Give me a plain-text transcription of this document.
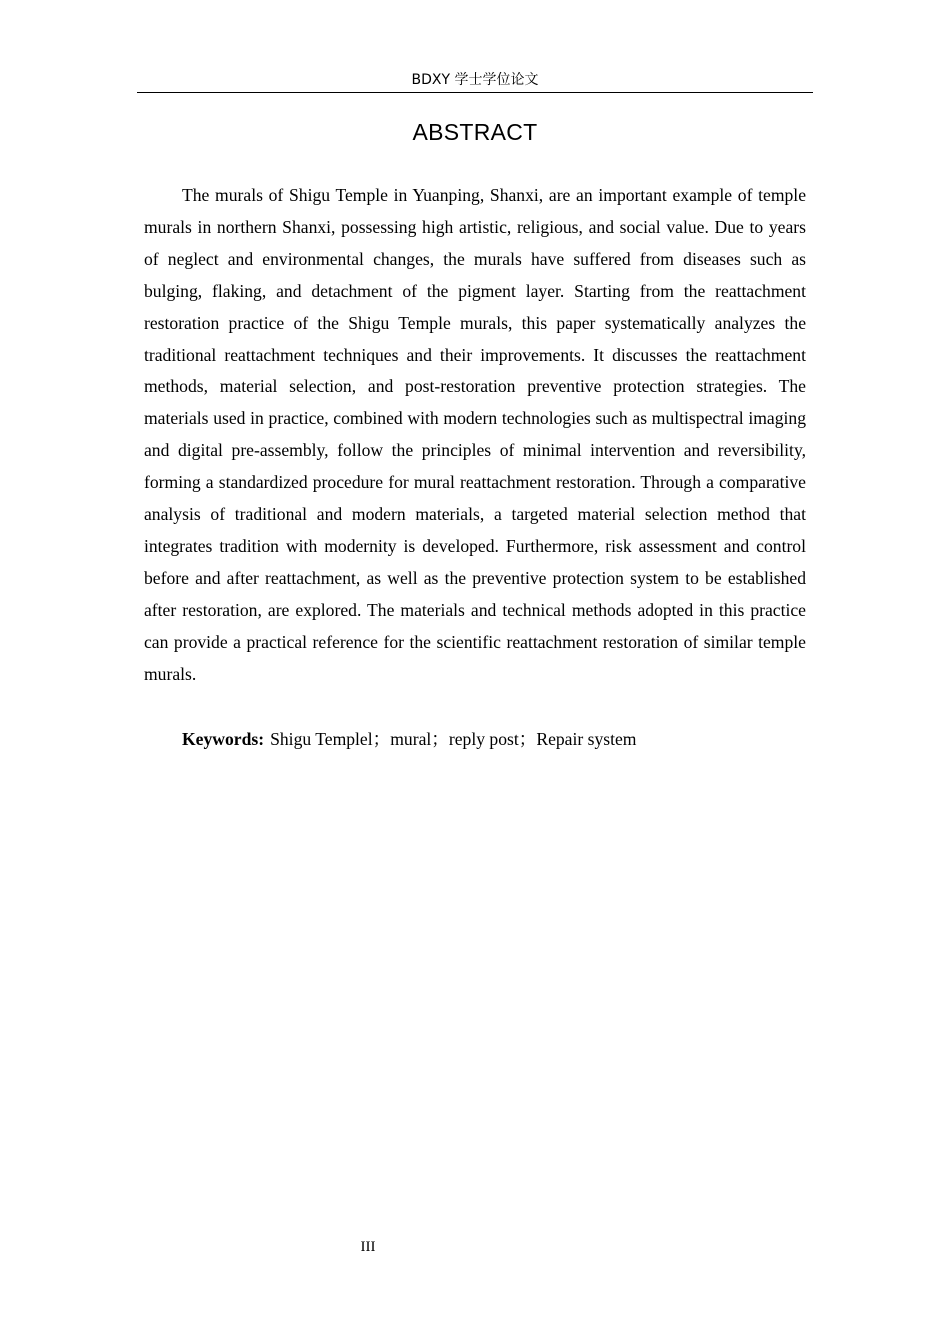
BDXY 学士学位论文
ABSTRACT

The murals of Shigu Temple in Yuanping, Shanxi, are an important example of temple murals in northern Shanxi, possessing high artistic, religious, and social value. Due to years of neglect and environmental changes, the murals have suffered from diseases such as bulging, flaking, and detachment of the pigment layer. Starting from the reattachment restoration practice of the Shigu Temple murals, this paper systematically analyzes the traditional reattachment techniques and their improvements. It discusses the reattachment methods, material selection, and post-restoration preventive protection strategies. The materials used in practice, combined with modern technologies such as multispectral imaging and digital pre-assembly, follow the principles of minimal intervention and reversibility, forming a standardized procedure for mural reattachment restoration. Through a comparative analysis of traditional and modern materials, a targeted material selection method that integrates tradition with modernity is developed. Furthermore, risk assessment and control before and after reattachment, as well as the preventive protection system to be established after restoration, are explored. The materials and technical methods adopted in this practice can provide a practical reference for the scientific reattachment restoration of similar temple murals.

Keywords: Shigu Templel；mural；reply post；Repair system

III
